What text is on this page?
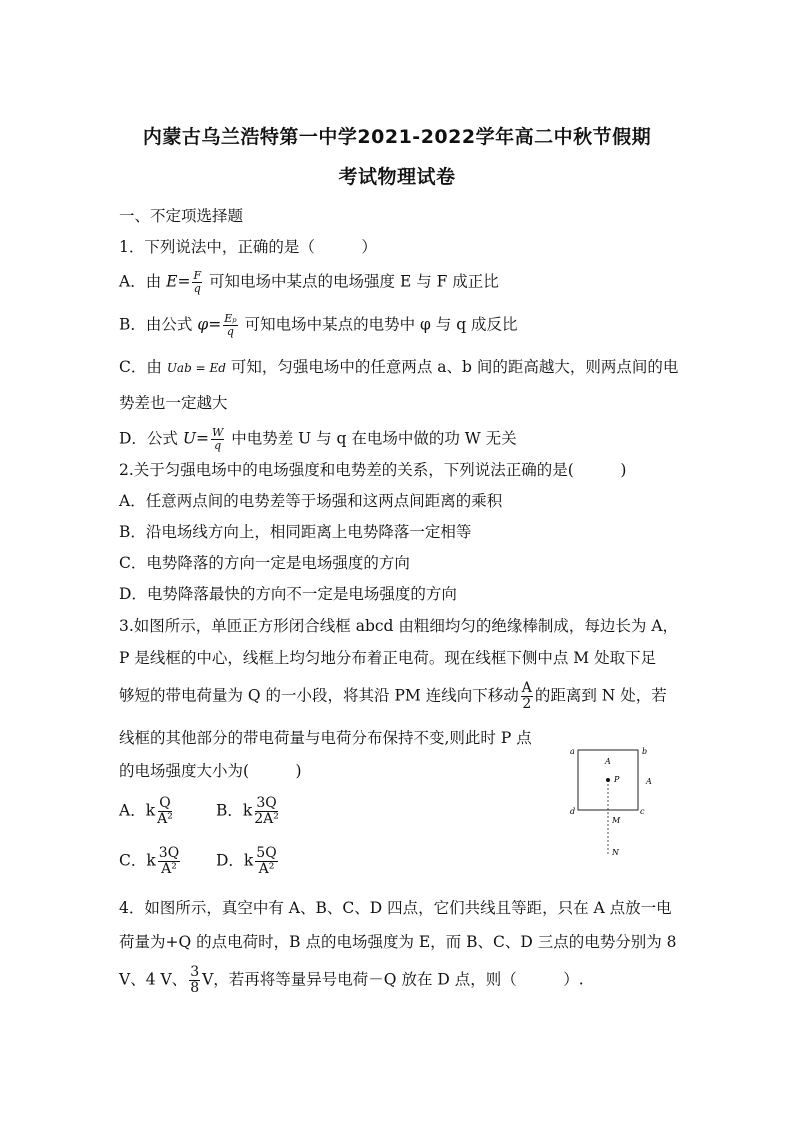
内蒙古乌兰浩特第一中学2021-2022学年高二中秋节假期
考试物理试卷
一、不定项选择题
1．下列说法中，正确的是（　　　）
A．由 $E= \frac{F}{q}$ 可知电场中某点的电场强度 E 与 F 成正比
B．由公式 $\varphi= \frac{\text{Eₚ}}{q}$ 可知电场中某点的电势中 φ 与 q 成反比
C．由 Uab = Ed 可知，匀强电场中的任意两点 a、b 间的距高越大，则两点间的电
势差也一定越大
D．公式 $U= \frac{W}{q}$ 中电势差 U 与 q 在电场中做的功 W 无关
2.关于匀强电场中的电场强度和电势差的关系，下列说法正确的是(　　　)
A．任意两点间的电势差等于场强和这两点间距离的乘积
B．沿电场线方向上，相同距离上电势降落一定相等
C．电势降落的方向一定是电场强度的方向
D．电势降落最快的方向不一定是电场强度的方向
3.如图所示，单匝正方形闭合线框 abcd 由粗细均匀的绝缘棒制成，每边长为 A，
P 是线框的中心，线框上均匀地分布着正电荷。现在线框下侧中点 M 处取下足
够短的带电荷量为 Q 的一小段，将其沿 PM 连线向下移动 $\frac{A}{2}$ 的距离到 N 处，若
线框的其他部分的带电荷量与电荷分布保持不变,则此时 P 点
的电场强度大小为(　　　)
A．k $\frac{Q}{\text{A²}}$	B．k $\frac{3Q}{\text{2A²}}$
C．k $\frac{3Q}{\text{A²}}$ D．k $\frac{5Q}{\text{A²}}$
a	b
c
d
A
A
P
M
N
4．如图所示，真空中有 A、B、C、D 四点，它们共线且等距，只在 A 点放一电
荷量为+Q 的点电荷时，B 点的电场强度为 E，而 B、C、D 三点的电势分别为 8
V、4 V、 $\frac{3}{8}$ V，若再将等量异号电荷－Q 放在 D 点，则（　　　）.
